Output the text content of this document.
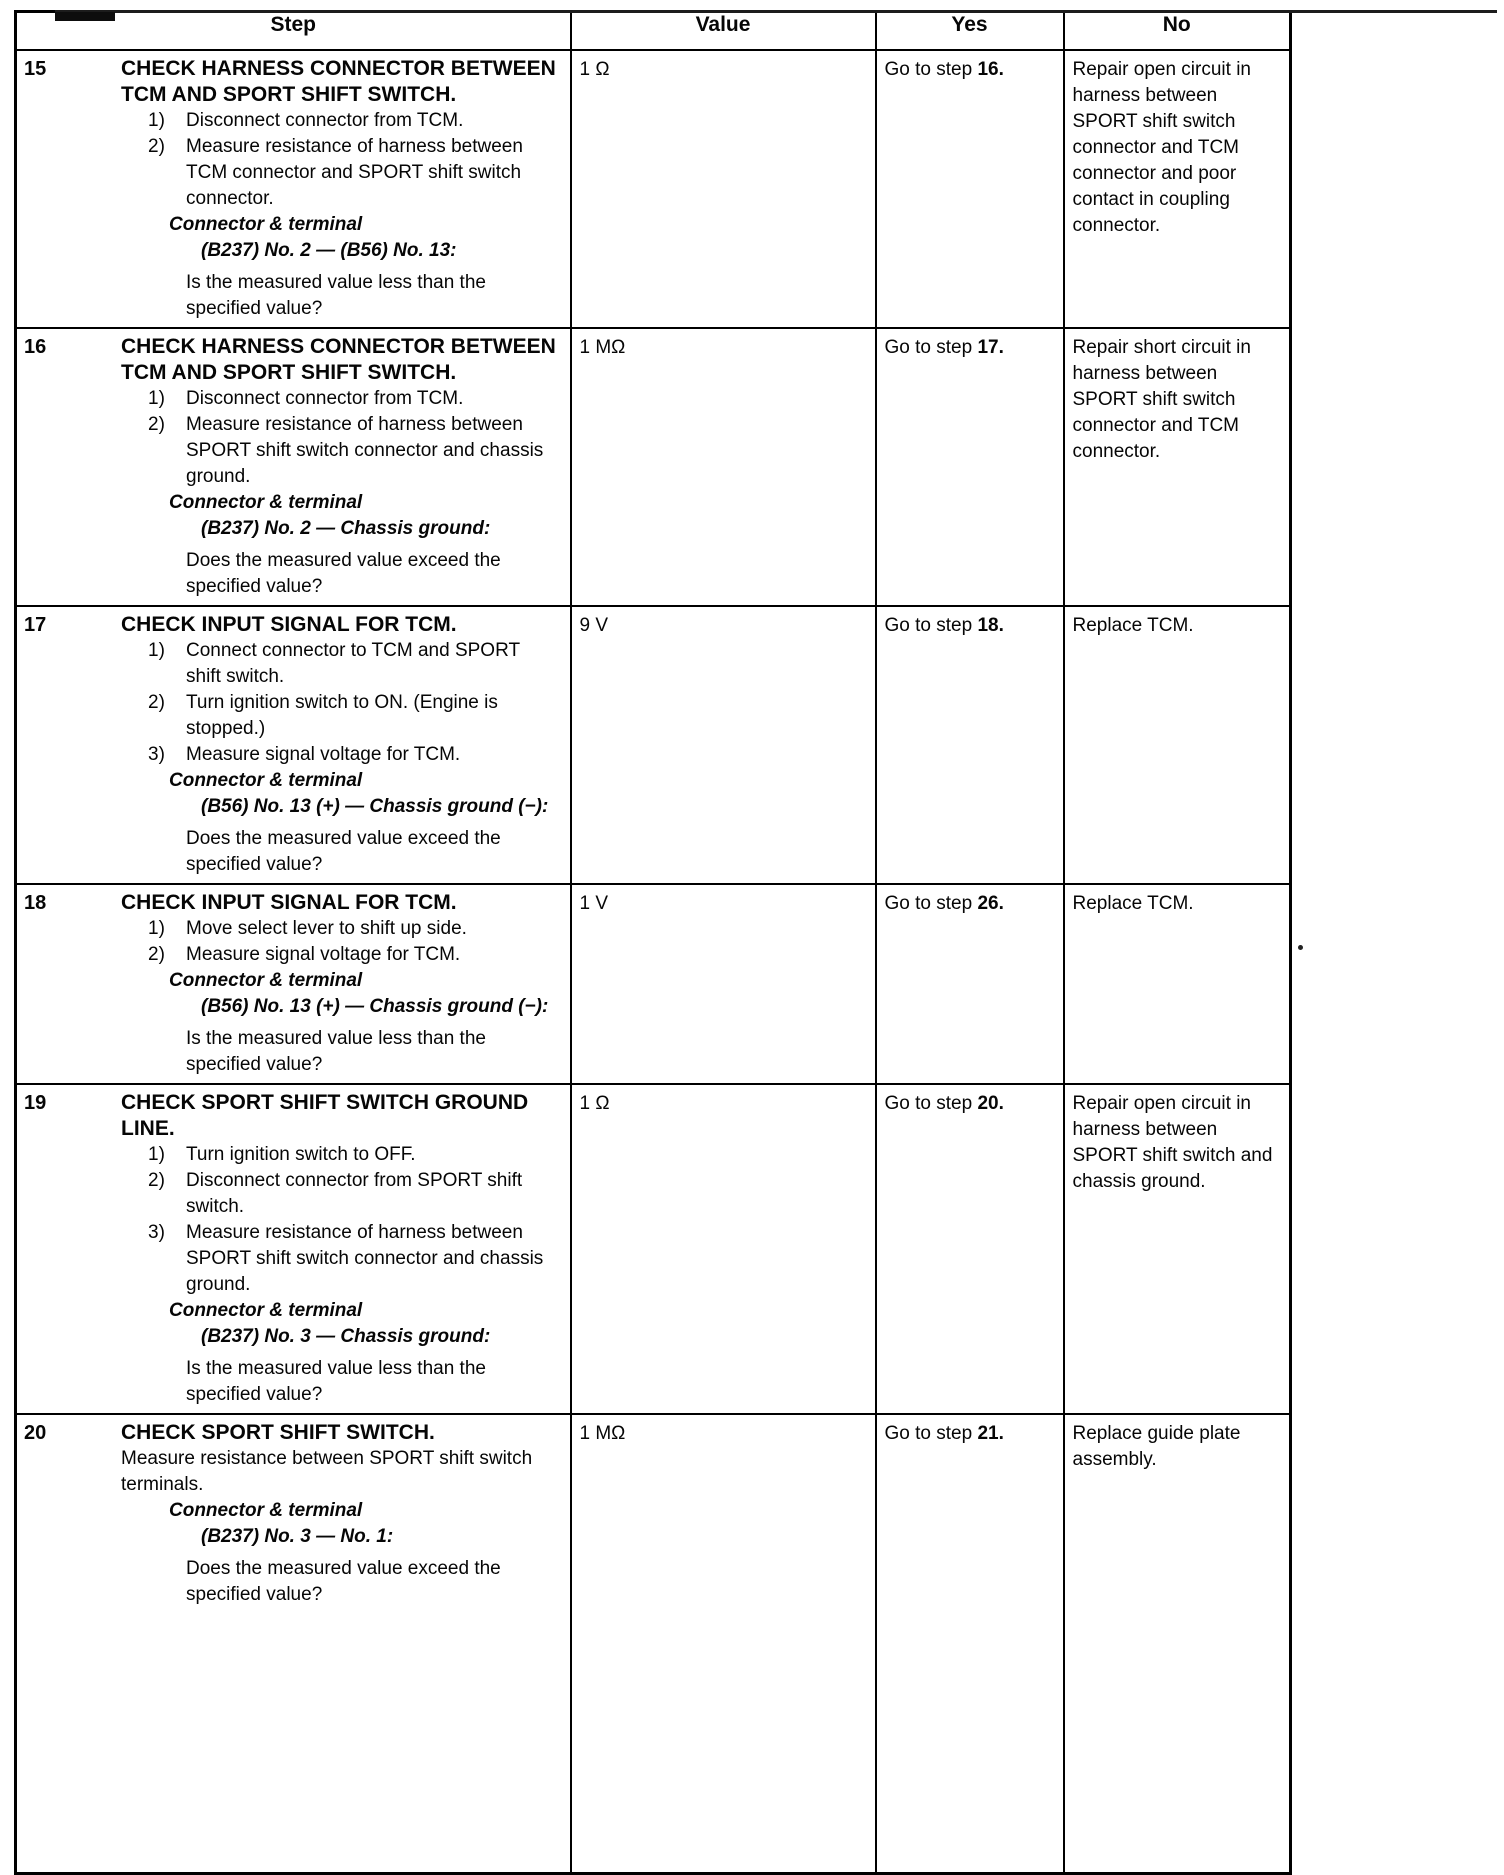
Step	Value	Yes	No

15	CHECK HARNESS CONNECTOR BETWEEN TCM AND SPORT SHIFT SWITCH.
1) Disconnect connector from TCM.
2) Measure resistance of harness between TCM connector and SPORT shift switch connector.
Connector & terminal
(B237) No. 2 — (B56) No. 13:
Is the measured value less than the specified value?
	1 Ω	Go to step 16.	Repair open circuit in harness between SPORT shift switch connector and TCM connector and poor contact in coupling connector.

16	CHECK HARNESS CONNECTOR BETWEEN TCM AND SPORT SHIFT SWITCH.
1) Disconnect connector from TCM.
2) Measure resistance of harness between SPORT shift switch connector and chassis ground.
Connector & terminal
(B237) No. 2 — Chassis ground:
Does the measured value exceed the specified value?
	1 MΩ	Go to step 17.	Repair short circuit in harness between SPORT shift switch connector and TCM connector.

17	CHECK INPUT SIGNAL FOR TCM.
1) Connect connector to TCM and SPORT shift switch.
2) Turn ignition switch to ON. (Engine is stopped.)
3) Measure signal voltage for TCM.
Connector & terminal
(B56) No. 13 (+) — Chassis ground (−):
Does the measured value exceed the specified value?
	9 V	Go to step 18.	Replace TCM.

18	CHECK INPUT SIGNAL FOR TCM.
1) Move select lever to shift up side.
2) Measure signal voltage for TCM.
Connector & terminal
(B56) No. 13 (+) — Chassis ground (−):
Is the measured value less than the specified value?
	1 V	Go to step 26.	Replace TCM.

19	CHECK SPORT SHIFT SWITCH GROUND LINE.
1) Turn ignition switch to OFF.
2) Disconnect connector from SPORT shift switch.
3) Measure resistance of harness between SPORT shift switch connector and chassis ground.
Connector & terminal
(B237) No. 3 — Chassis ground:
Is the measured value less than the specified value?
	1 Ω	Go to step 20.	Repair open circuit in harness between SPORT shift switch and chassis ground.

20	CHECK SPORT SHIFT SWITCH.
Measure resistance between SPORT shift switch terminals.
Connector & terminal
(B237) No. 3 — No. 1:
Does the measured value exceed the specified value?
	1 MΩ	Go to step 21.	Replace guide plate assembly.
